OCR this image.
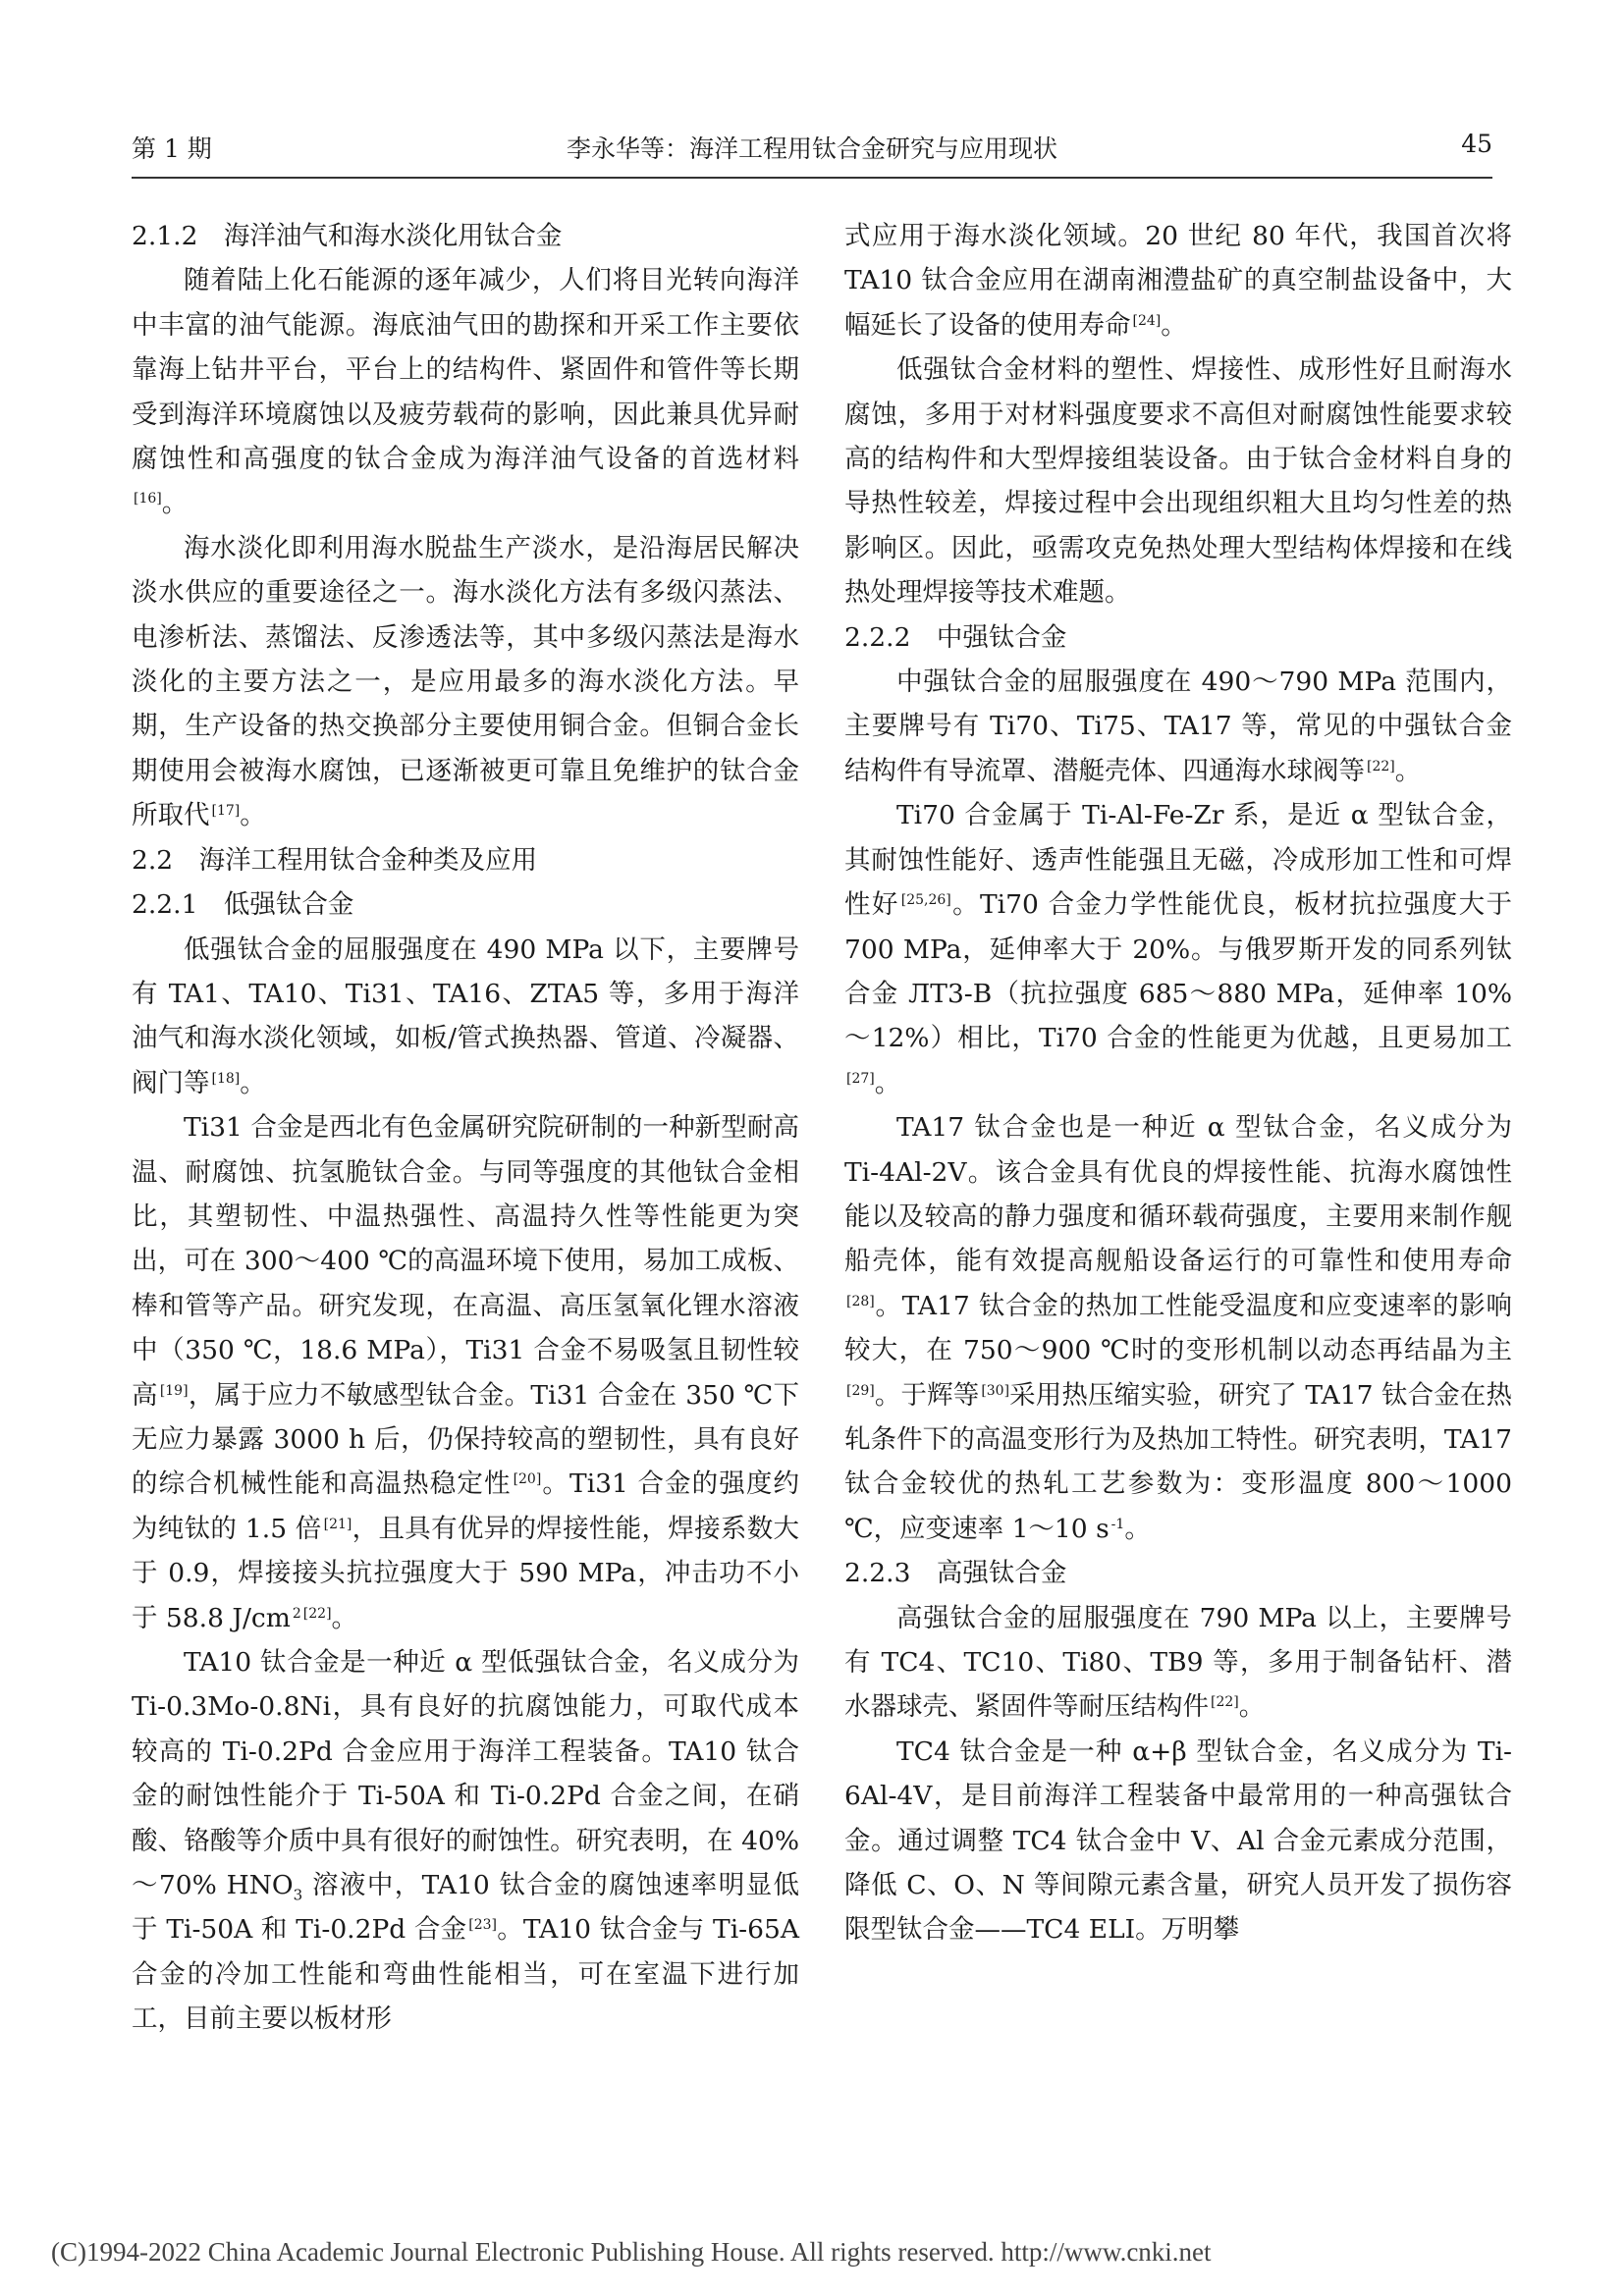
第 1 期	李永华等：海洋工程用钛合金研究与应用现状	45
2.1.2　海洋油气和海水淡化用钛合金

随着陆上化石能源的逐年减少，人们将目光转向海洋中丰富的油气能源。海底油气田的勘探和开采工作主要依靠海上钻井平台，平台上的结构件、紧固件和管件等长期受到海洋环境腐蚀以及疲劳载荷的影响，因此兼具优异耐腐蚀性和高强度的钛合金成为海洋油气设备的首选材料[16]。

海水淡化即利用海水脱盐生产淡水，是沿海居民解决淡水供应的重要途径之一。海水淡化方法有多级闪蒸法、电渗析法、蒸馏法、反渗透法等，其中多级闪蒸法是海水淡化的主要方法之一，是应用最多的海水淡化方法。早期，生产设备的热交换部分主要使用铜合金。但铜合金长期使用会被海水腐蚀，已逐渐被更可靠且免维护的钛合金所取代 [17]。

2.2　海洋工程用钛合金种类及应用
2.2.1　低强钛合金

低强钛合金的屈服强度在 490 MPa 以下，主要牌号有 TA1、TA10、Ti31、TA16、ZTA5 等，多用于海洋油气和海水淡化领域，如板/管式换热器、管道、冷凝器、阀门等 [18]。

Ti31 合金是西北有色金属研究院研制的一种新型耐高温、耐腐蚀、抗氢脆钛合金。与同等强度的其他钛合金相比，其塑韧性、中温热强性、高温持久性等性能更为突出，可在 300～400 ℃的高温环境下使用，易加工成板、棒和管等产品。研究发现，在高温、高压氢氧化锂水溶液中（350 ℃，18.6 MPa），Ti31 合金不易吸氢且韧性较高 [19]，属于应力不敏感型钛合金。Ti31 合金在 350 ℃下无应力暴露 3000 h 后，仍保持较高的塑韧性，具有良好的综合机械性能和高温热稳定性 [20]。Ti31 合金的强度约为纯钛的 1.5 倍 [21]，且具有优异的焊接性能，焊接系数大于 0.9，焊接接头抗拉强度大于 590 MPa，冲击功不小于 58.8 J/cm $^2$ [22]。

TA10 钛合金是一种近 α 型低强钛合金，名义成分为 Ti-0.3Mo-0.8Ni，具有良好的抗腐蚀能力，可取代成本较高的 Ti-0.2Pd 合金应用于海洋工程装备。TA10 钛合金的耐蚀性能介于 Ti-50A 和 Ti-0.2Pd 合金之间，在硝酸、铬酸等介质中具有很好的耐蚀性。研究表明，在 40%～70% $HNO_3$ 溶液中，TA10 钛合金的腐蚀速率明显低于 Ti-50A 和 Ti-0.2Pd 合金 [23]。TA10 钛合金与 Ti-65A 合金的冷加工性能和弯曲性能相当，可在室温下进行加工，目前主要以板材形

式应用于海水淡化领域。20 世纪 80 年代，我国首次将 TA10 钛合金应用在湖南湘澧盐矿的真空制盐设备中，大幅延长了设备的使用寿命 [24]。

低强钛合金材料的塑性、焊接性、成形性好且耐海水腐蚀，多用于对材料强度要求不高但对耐腐蚀性能要求较高的结构件和大型焊接组装设备。由于钛合金材料自身的导热性较差，焊接过程中会出现组织粗大且均匀性差的热影响区。因此，亟需攻克免热处理大型结构体焊接和在线热处理焊接等技术难题。

2.2.2　中强钛合金

中强钛合金的屈服强度在 490～790 MPa 范围内，主要牌号有 Ti70、Ti75、TA17 等，常见的中强钛合金结构件有导流罩、潜艇壳体、四通海水球阀等 [22]。

Ti70 合金属于 Ti-Al-Fe-Zr 系，是近 α 型钛合金，其耐蚀性能好、透声性能强且无磁，冷成形加工性和可焊性好 [25,26]。Ti70 合金力学性能优良，板材抗拉强度大于 700 MPa，延伸率大于 20%。与俄罗斯开发的同系列钛合金 ЛТ3-В（抗拉强度 685～880 MPa，延伸率 10%～12%）相比，Ti70 合金的性能更为优越，且更易加工[27]。

TA17 钛合金也是一种近 α 型钛合金，名义成分为 Ti-4Al-2V。该合金具有优良的焊接性能、抗海水腐蚀性能以及较高的静力强度和循环载荷强度，主要用来制作舰船壳体，能有效提高舰船设备运行的可靠性和使用寿命[28]。TA17 钛合金的热加工性能受温度和应变速率的影响较大，在 750～900 ℃时的变形机制以动态再结晶为主[29]。于辉等 [30]采用热压缩实验，研究了 TA17 钛合金在热轧条件下的高温变形行为及热加工特性。研究表明，TA17 钛合金较优的热轧工艺参数为：变形温度 800～1000 ℃，应变速率 1～10 s $^{-1}$。

2.2.3　高强钛合金

高强钛合金的屈服强度在 790 MPa 以上，主要牌号有 TC4、TC10、Ti80、TB9 等，多用于制备钻杆、潜水器球壳、紧固件等耐压结构件 [22]。

TC4 钛合金是一种 α+β 型钛合金，名义成分为 Ti-6Al-4V，是目前海洋工程装备中最常用的一种高强钛合金。通过调整 TC4 钛合金中 V、Al 合金元素成分范围，降低 C、O、N 等间隙元素含量，研究人员开发了损伤容限型钛合金——TC4 ELI。万明攀

(C)1994-2022 China Academic Journal Electronic Publishing House. All rights reserved. http://www.cnki.net
